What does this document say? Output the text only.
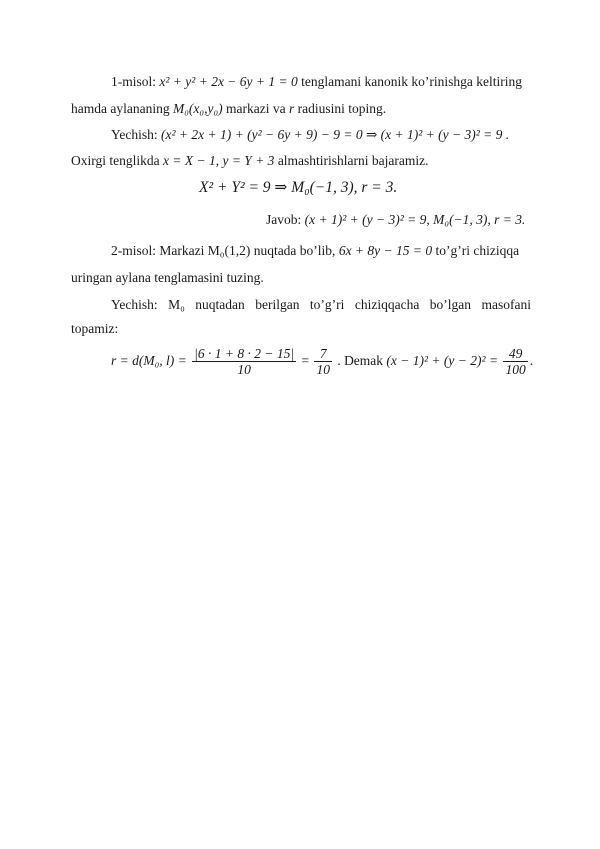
1-misol: x² + y² + 2x − 6y + 1 = 0 tenglamani kanonik ko’rinishga keltiring
hamda aylananing M₀(x₀,y₀) markazi va r radiusini toping.
Yechish: (x² + 2x + 1) + (y² − 6y + 9) − 9 = 0 ⇒ (x + 1)² + (y − 3)² = 9 .
Oxirgi tenglikda x = X − 1, y = Y + 3 almashtirishlarni bajaramiz.
X² + Y² = 9 ⇒ M₀(−1, 3), r = 3.
Javob: (x + 1)² + (y − 3)² = 9, M₀(−1, 3), r = 3.
2-misol: Markazi M₀(1,2) nuqtada bo’lib, 6x + 8y − 15 = 0 to’g’ri chiziqqa
uringan aylana tenglamasini tuzing.
Yechish: M₀ nuqtadan berilgan to’g’ri chiziqqacha bo’lgan masofani
topamiz:
r = d(M₀, $l) = \frac{|6 \cdot 1 + 8 \cdot 2 - 15|}{10} = \frac{7}{10}$ . Demak $(x - 1)^2 + (y - 2)^2 = \frac{49}{100}$ .
